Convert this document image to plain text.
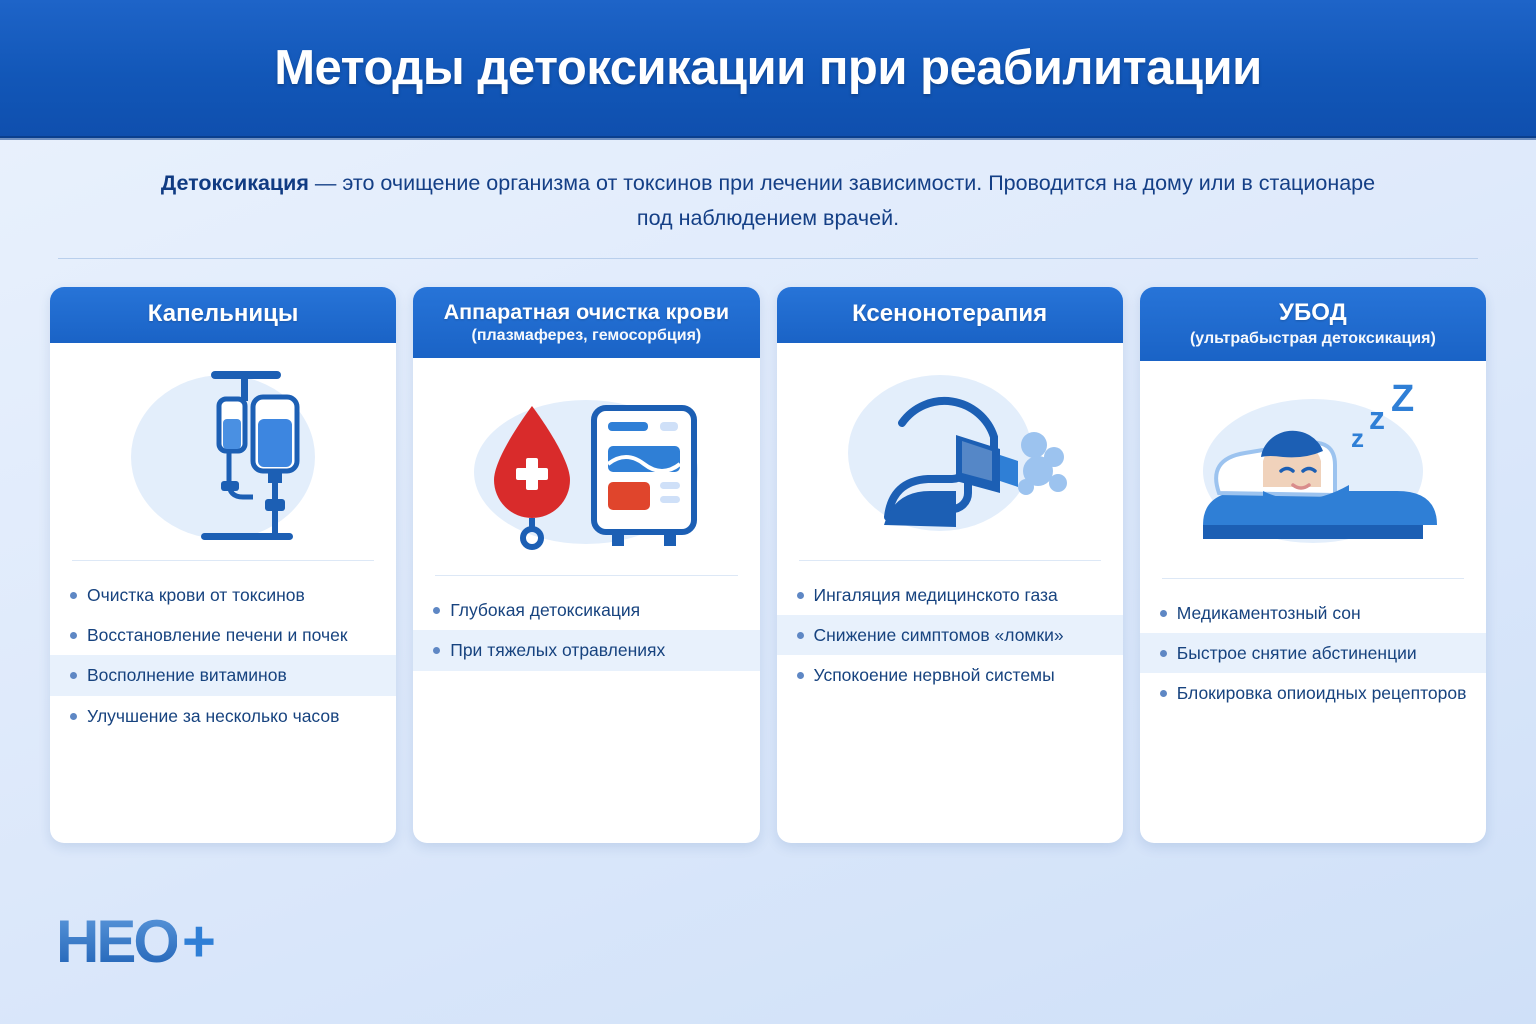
Методы детоксикации при реабилитации
Детоксикация — это очищение организма от токсинов при лечении зависимости. Проводится на дому или в стационаре под наблюдением врачей.
Капельницы
Очистка крови от токсинов
Восстановление печени и почек
Восполнение витаминов
Улучшение за несколько часов
Аппаратная очистка крови
(плазмаферез, гемосорбция)
Глубокая детоксикация
При тяжелых отравлениях
Ксенонотерапия
Ингаляция медицинското газа
Снижение симптомов «ломки»
Успокоение нервной системы
УБОД
(ультрабыстрая детоксикация)
z
z Z
Медикаментозный сон
Быстрое снятие абстиненции
Блокировка опиоидных рецепторов
НЕО +
